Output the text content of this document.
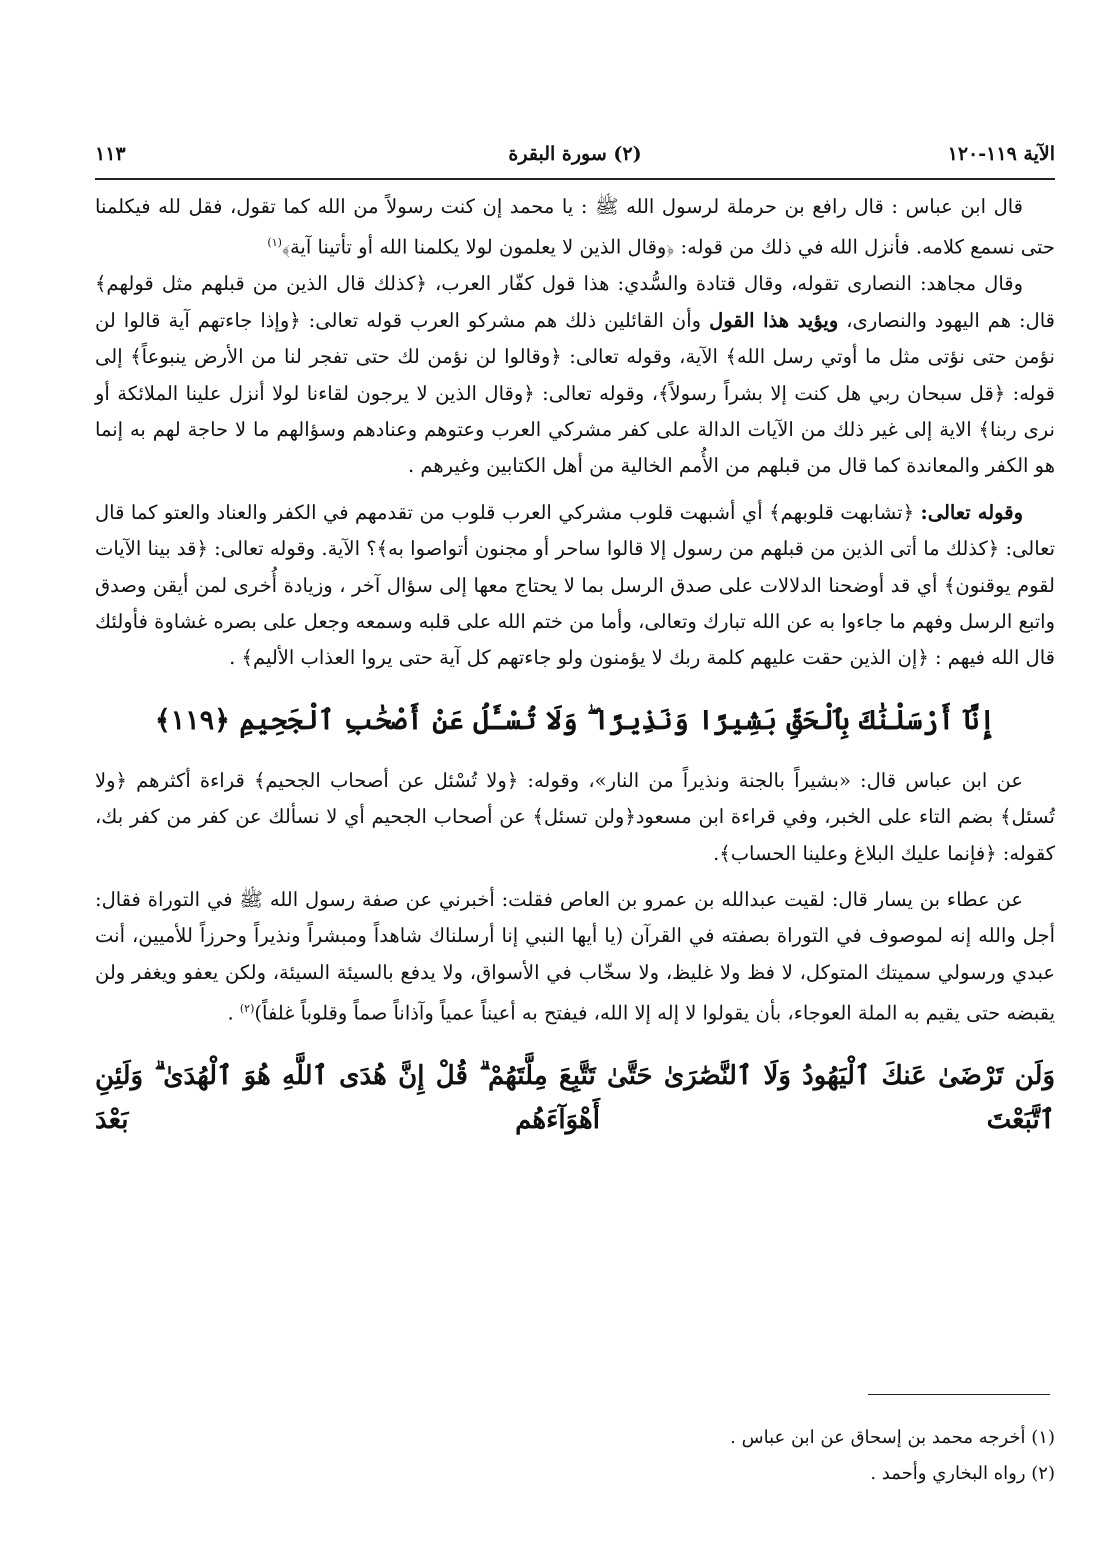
الآية ١١٩-١٢٠
(٢) سورة البقرة
١١٣

قال ابن عباس : قال رافع بن حرملة لرسول الله ﷺ : يا محمد إن كنت رسولاً من الله كما تقول، فقل لله فيكلمنا حتى نسمع كلامه. فأنزل الله في ذلك من قوله: ﴿وقال الذين لا يعلمون لولا يكلمنا الله أو تأتينا آية﴾$^{(١)}$

وقال مجاهد: النصارى تقوله، وقال قتادة والسُّدي: هذا قول كفّار العرب، ﴿كذلك قال الذين من قبلهم مثل قولهم﴾ قال: هم اليهود والنصارى، ويؤيد هذا القول وأن القائلين ذلك هم مشركو العرب قوله تعالى: ﴿وإذا جاءتهم آية قالوا لن نؤمن حتى نؤتى مثل ما أوتي رسل الله﴾ الآية، وقوله تعالى: ﴿وقالوا لن نؤمن لك حتى تفجر لنا من الأرض ينبوعاً﴾ إلى قوله: ﴿قل سبحان ربي هل كنت إلا بشراً رسولاً﴾، وقوله تعالى: ﴿وقال الذين لا يرجون لقاءنا لولا أنزل علينا الملائكة أو نرى ربنا﴾ الاية إلى غير ذلك من الآيات الدالة على كفر مشركي العرب وعتوهم وعنادهم وسؤالهم ما لا حاجة لهم به إنما هو الكفر والمعاندة كما قال من قبلهم من الأُمم الخالية من أهل الكتابين وغيرهم .

وقوله تعالى: ﴿تشابهت قلوبهم﴾ أي أشبهت قلوب مشركي العرب قلوب من تقدمهم في الكفر والعناد والعتو كما قال تعالى: ﴿كذلك ما أتى الذين من قبلهم من رسول إلا قالوا ساحر أو مجنون أتواصوا به﴾؟ الآية. وقوله تعالى: ﴿قد بينا الآيات لقوم يوقنون﴾ أي قد أوضحنا الدلالات على صدق الرسل بما لا يحتاج معها إلى سؤال آخر ، وزيادة أُخرى لمن أيقن وصدق واتبع الرسل وفهم ما جاءوا به عن الله تبارك وتعالى، وأما من ختم الله على قلبه وسمعه وجعل على بصره غشاوة فأولئك قال الله فيهم : ﴿إن الذين حقت عليهم كلمة ربك لا يؤمنون ولو جاءتهم كل آية حتى يروا العذاب الأليم﴾ .

إِنَّآ أَرْسَلْنَٰكَ بِٱلْحَقِّ بَشِيرًا وَنَذِيرًا ۖ وَلَا تُسْـَٔلُ عَنْ أَصْحَٰبِ ٱلْجَحِيمِ ﴿١١٩﴾

عن ابن عباس قال: «بشيراً بالجنة ونذيراً من النار»، وقوله: ﴿ولا تُسْئل عن أصحاب الجحيم﴾ قراءة أكثرهم ﴿ولا تُسئل﴾ بضم التاء على الخبر، وفي قراءة ابن مسعود﴿ولن تسئل﴾ عن أصحاب الجحيم أي لا نسألك عن كفر من كفر بك، كقوله: ﴿فإنما عليك البلاغ وعلينا الحساب﴾.

عن عطاء بن يسار قال: لقيت عبدالله بن عمرو بن العاص فقلت: أخبرني عن صفة رسول الله ﷺ في التوراة فقال: أجل والله إنه لموصوف في التوراة بصفته في القرآن (يا أيها النبي إنا أرسلناك شاهداً ومبشراً ونذيراً وحرزاً للأميين، أنت عبدي ورسولي سميتك المتوكل، لا فظ ولا غليظ، ولا سخّاب في الأسواق، ولا يدفع بالسيئة السيئة، ولكن يعفو ويغفر ولن يقبضه حتى يقيم به الملة العوجاء، بأن يقولوا لا إله إلا الله، فيفتح به أعيناً عمياً وآذاناً صماً وقلوباً غلفاً)$^{(٢)}$ .

وَلَن تَرْضَىٰ عَنكَ ٱلْيَهُودُ وَلَا ٱلنَّصَٰرَىٰ حَتَّىٰ تَتَّبِعَ مِلَّتَهُمْ ۗ قُلْ إِنَّ هُدَى ٱللَّهِ هُوَ ٱلْهُدَىٰ ۗ وَلَئِنِ ٱتَّبَعْتَ أَهْوَآءَهُم بَعْدَ
(١) أخرجه محمد بن إسحاق عن ابن عباس .
(٢) رواه البخاري وأحمد .
